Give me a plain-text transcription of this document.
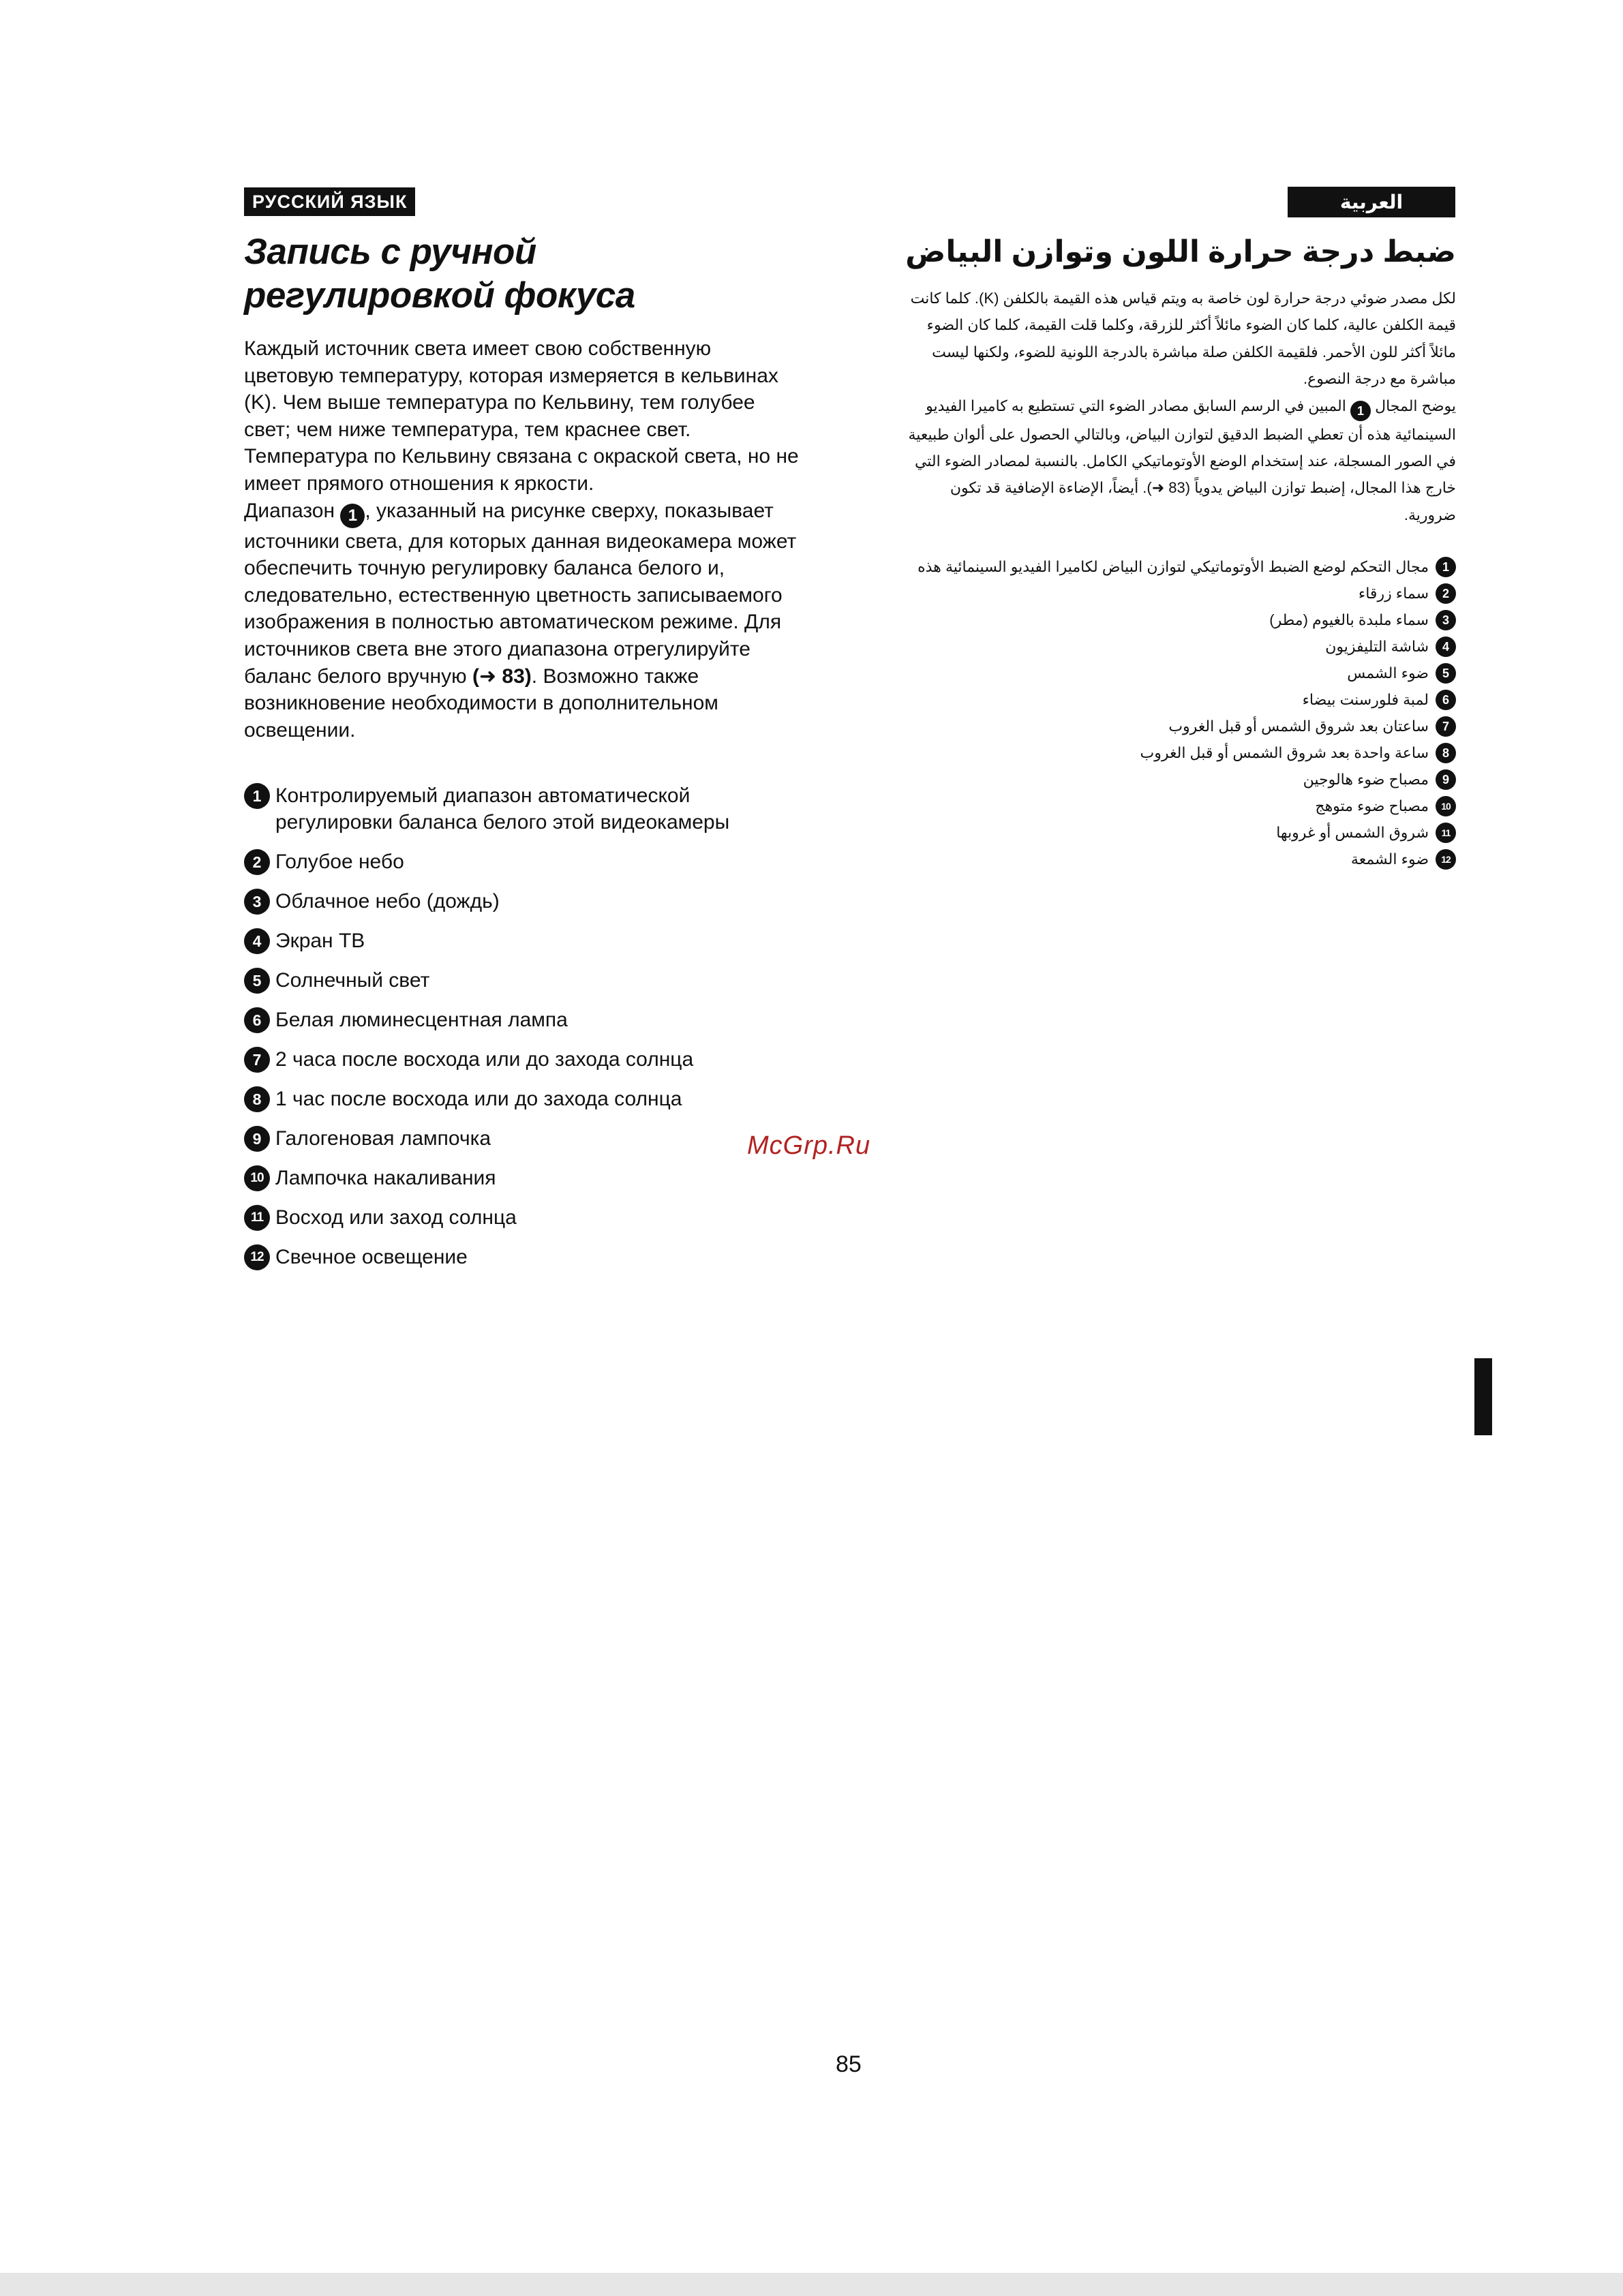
РУССКИЙ ЯЗЫК	العربية
Запись с ручной
регулировкой фокуса

Каждый источник света имеет свою собственную цветовую температуру, которая измеряется в кельвинах (K). Чем выше температура по Кельвину, тем голубее свет; чем ниже температура, тем краснее свет. Температура по Кельвину связана с окраской света, но не имеет прямого отношения к яркости.

Диапазон 1 , указанный на рисунке сверху, показывает источники света, для которых данная видеокамера может обеспечить точную регулировку баланса белого и, следовательно, естественную цветность записываемого изображения в полностью автоматическом режиме. Для источников света вне этого диапазона отрегулируйте баланс белого вручную (➜ 83). Возможно также возникновение необходимости в дополнительном освещении.

1 Контролируемый диапазон автоматической регулировки баланса белого этой видеокамеры
2 Голубое небо
3 Облачное небо (дождь)
4 Экран ТВ
5 Солнечный свет
6 Белая люминесцентная лампа
7 2 часа после восхода или до захода солнца
8 1 час после восхода или до захода солнца
9 Галогеновая лампочка
10 Лампочка накаливания
11 Восход или заход солнца
12 Свечное освещение
ضبط درجة حرارة اللون وتوازن البياض

لكل مصدر ضوئي درجة حرارة لون خاصة به ويتم قياس هذه القيمة بالكلفن (K). كلما كانت قيمة الكلفن عالية، كلما كان الضوء مائلاً أكثر للزرقة، وكلما قلت القيمة، كلما كان الضوء مائلاً أكثر للون الأحمر. فلقيمة الكلفن صلة مباشرة بالدرجة اللونية للضوء، ولكنها ليست مباشرة مع درجة النصوع.

يوضح المجال 1 المبين في الرسم السابق مصادر الضوء التي تستطيع به كاميرا الفيديو السينمائية هذه أن تعطي الضبط الدقيق لتوازن البياض، وبالتالي الحصول على ألوان طبيعية في الصور المسجلة، عند إستخدام الوضع الأوتوماتيكي الكامل. بالنسبة لمصادر الضوء التي خارج هذا المجال، إضبط توازن البياض يدوياً (➜ 83). أيضاً، الإضاءة الإضافية قد تكون ضرورية.

1
مجال التحكم لوضع الضبط الأوتوماتيكي لتوازن البياض لكاميرا الفيديو السينمائية هذه
2
سماء زرقاء
3
سماء ملبدة بالغيوم (مطر)
4
شاشة التليفزيون
5
ضوء الشمس
6
لمبة فلورسنت بيضاء
7
ساعتان بعد شروق الشمس أو قبل الغروب
8
ساعة واحدة بعد شروق الشمس أو قبل الغروب
9
مصباح ضوء هالوجين
10
مصباح ضوء متوهج
11
شروق الشمس أو غروبها
12
ضوء الشمعة
McGrp.Ru
85
